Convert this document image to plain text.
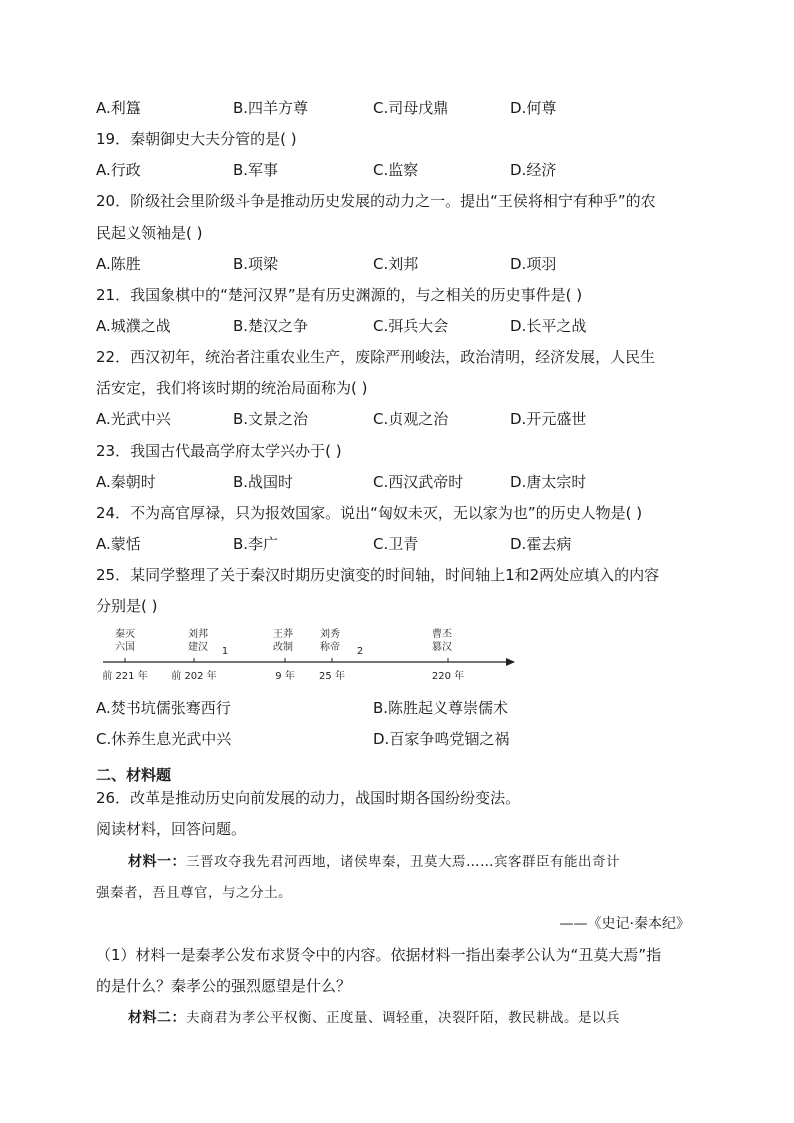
A.利簋	B.四羊方尊	C.司母戊鼎	D.何尊
19．秦朝御史大夫分管的是( )
A.行政	B.军事	C.监察	D.经济
20．阶级社会里阶级斗争是推动历史发展的动力之一。提出“王侯将相宁有种乎”的农
民起义领袖是( )
A.陈胜	B.项梁	C.刘邦	D.项羽
21．我国象棋中的“楚河汉界”是有历史渊源的，与之相关的历史事件是( )
A.城濮之战	B.楚汉之争	C.弭兵大会	D.长平之战
22．西汉初年，统治者注重农业生产，废除严刑峻法，政治清明，经济发展，人民生
活安定，我们将该时期的统治局面称为( )
A.光武中兴	B.文景之治	C.贞观之治	D.开元盛世
23．我国古代最高学府太学兴办于( )
A.秦朝时	B.战国时	C.西汉武帝时	D.唐太宗时
24．不为高官厚禄，只为报效国家。说出“匈奴未灭，无以家为也”的历史人物是( )
A.蒙恬	B.李广	C.卫青	D.霍去病
25．某同学整理了关于秦汉时期历史演变的时间轴，时间轴上1和2两处应填入的内容
分别是( )
秦灭
六国
前 221 年
刘邦
建汉
前 202 年
1
王莽
改制
9 年
刘秀
称帝
25 年
2
曹丕
篡汉
220 年
A.焚书坑儒张骞西行	B.陈胜起义尊崇儒术
C.休养生息光武中兴	D.百家争鸣党锢之祸
二、材料题
26．改革是推动历史向前发展的动力，战国时期各国纷纷变法。
阅读材料，回答问题。
材料一：三晋攻夺我先君河西地，诸侯卑秦，丑莫大焉……宾客群臣有能出奇计
强秦者，吾且尊官，与之分土。
——《史记·秦本纪》
（1）材料一是秦孝公发布求贤令中的内容。依据材料一指出秦孝公认为“丑莫大焉”指
的是什么？秦孝公的强烈愿望是什么？
材料二：夫商君为孝公平权衡、正度量、调轻重，决裂阡陌，教民耕战。是以兵
